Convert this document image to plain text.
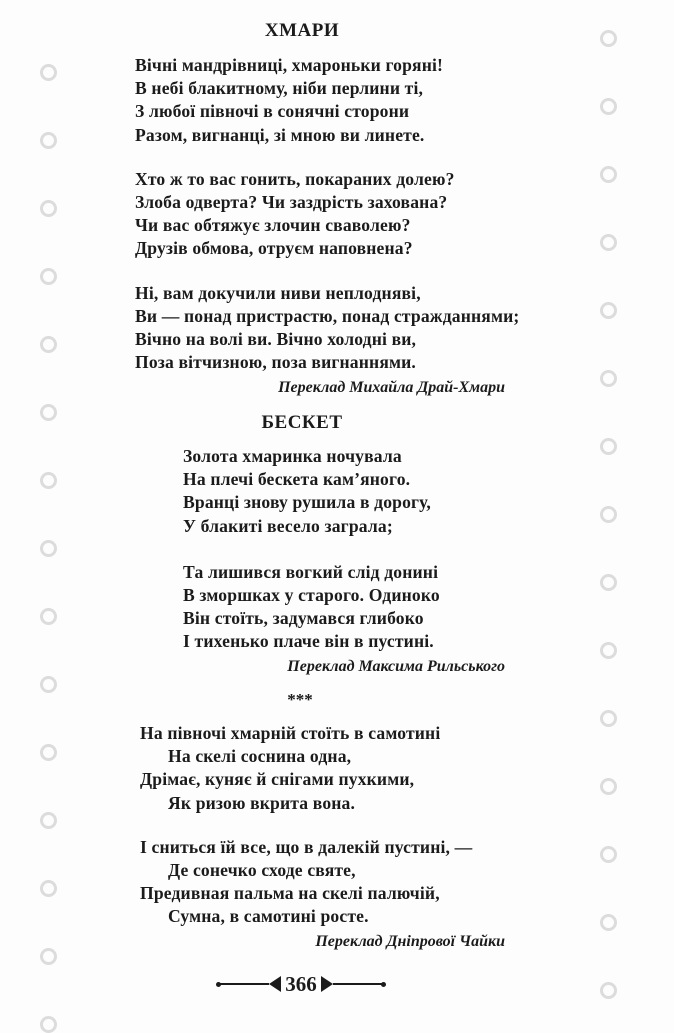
ХМАРИ
Вічні мандрівниці, хмароньки горяні!
В небі блакитному, ніби перлини ті,
З любої півночі в сонячні сторони
Разом, вигнанці, зі мною ви линете.
Хто ж то вас гонить, покараних долею?
Злоба одверта? Чи заздрість захована?
Чи вас обтяжує злочин сваволею?
Друзів обмова, отруєм наповнена?
Ні, вам докучили ниви неплодняві,
Ви — понад пристрастю, понад стражданнями;
Вічно на волі ви. Вічно холодні ви,
Поза вітчизною, поза вигнаннями.
Переклад Михайла Драй-Хмари
БЕСКЕТ
Золота хмаринка ночувала
На плечі бескета кам’яного.
Вранці знову рушила в дорогу,
У блакиті весело заграла;
Та лишився вогкий слід донині
В зморшках у старого. Одиноко
Він стоїть, задумався глибоко
І тихенько плаче він в пустині.
Переклад Максима Рильського
***
На півночі хмарній стоїть в самотині
На скелі соснина одна,
Дрімає, куняє й снігами пухкими,
Як ризою вкрита вона.
І сниться їй все, що в далекій пустині, —
Де сонечко сходе святе,
Предивная пальма на скелі палючій,
Сумна, в самотині росте.
Переклад Дніпрової Чайки
366
